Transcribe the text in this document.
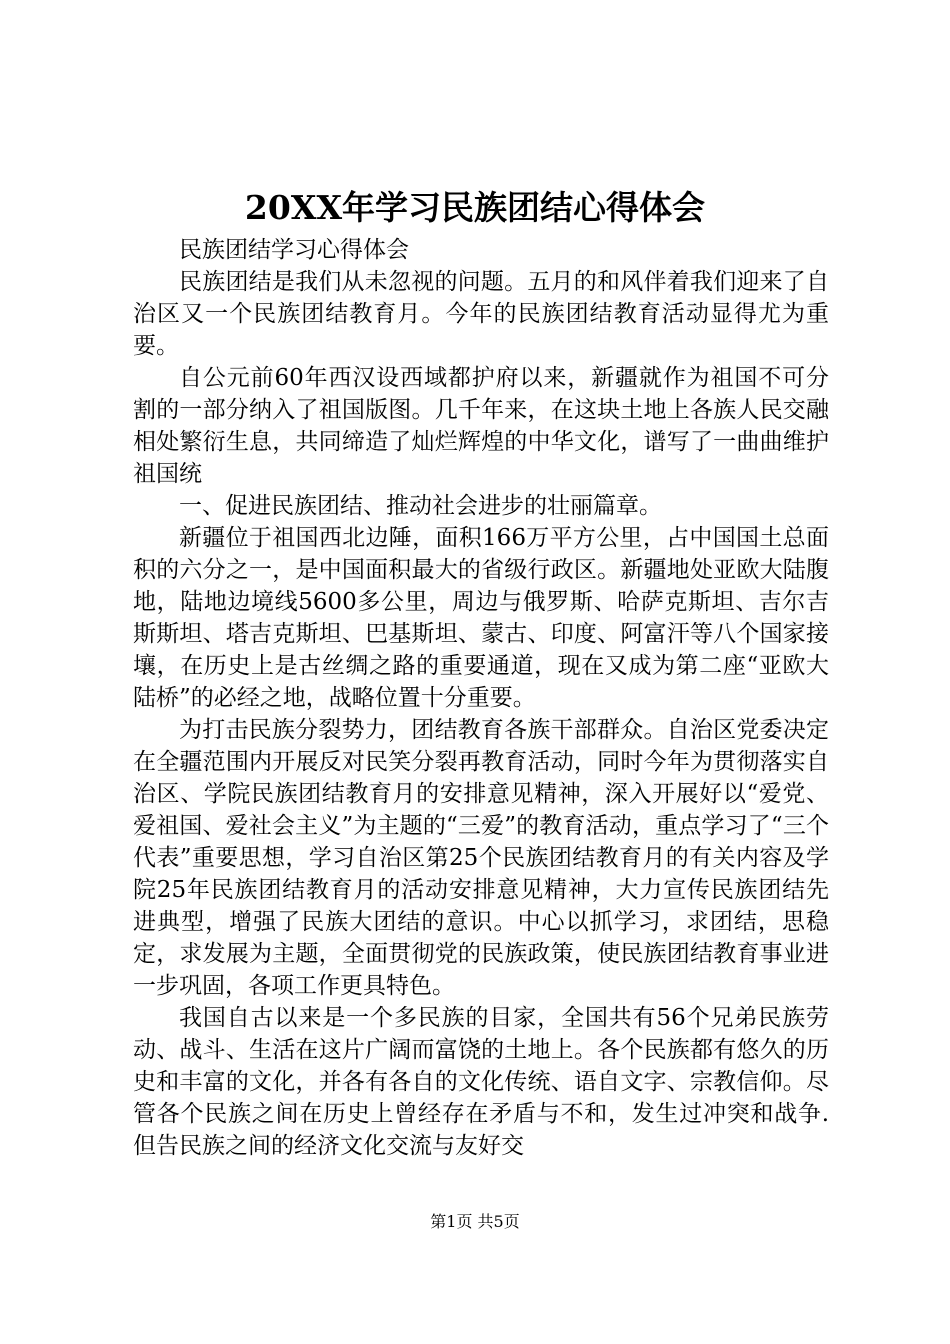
20XX年学习民族团结心得体会

民族团结学习心得体会

民族团结是我们从未忽视的问题。五月的和风伴着我们迎来了自治区又一个民族团结教育月。今年的民族团结教育活动显得尤为重要。

自公元前60年西汉设西域都护府以来，新疆就作为祖国不可分割的一部分纳入了祖国版图。几千年来，在这块土地上各族人民交融相处繁衍生息，共同缔造了灿烂辉煌的中华文化，谱写了一曲曲维护祖国统

一、促进民族团结、推动社会进步的壮丽篇章。

新疆位于祖国西北边陲，面积166万平方公里，占中国国土总面积的六分之一，是中国面积最大的省级行政区。新疆地处亚欧大陆腹地，陆地边境线5600多公里，周边与俄罗斯、哈萨克斯坦、吉尔吉斯斯坦、塔吉克斯坦、巴基斯坦、蒙古、印度、阿富汗等八个国家接壤，在历史上是古丝绸之路的重要通道，现在又成为第二座“亚欧大陆桥”的必经之地，战略位置十分重要。

为打击民族分裂势力，团结教育各族干部群众。自治区党委决定在全疆范围内开展反对民笑分裂再教育活动，同时今年为贯彻落实自治区、学院民族团结教育月的安排意见精神，深入开展好以“爱党、爱祖国、爱社会主义”为主题的“三爱”的教育活动，重点学习了“三个代表”重要思想，学习自治区第25个民族团结教育月的有关内容及学院25年民族团结教育月的活动安排意见精神，大力宣传民族团结先进典型，增强了民族大团结的意识。中心以抓学习，求团结，思稳定，求发展为主题，全面贯彻党的民族政策，使民族团结教育事业进一步巩固，各项工作更具特色。

我国自古以来是一个多民族的目家，全国共有56个兄弟民族劳动、战斗、生活在这片广阔而富饶的土地上。各个民族都有悠久的历史和丰富的文化，并各有各自的文化传统、语自文字、宗教信仰。尽管各个民族之间在历史上曾经存在矛盾与不和，发生过冲突和战争.但告民族之间的经济文化交流与友好交

第1页 共5页
